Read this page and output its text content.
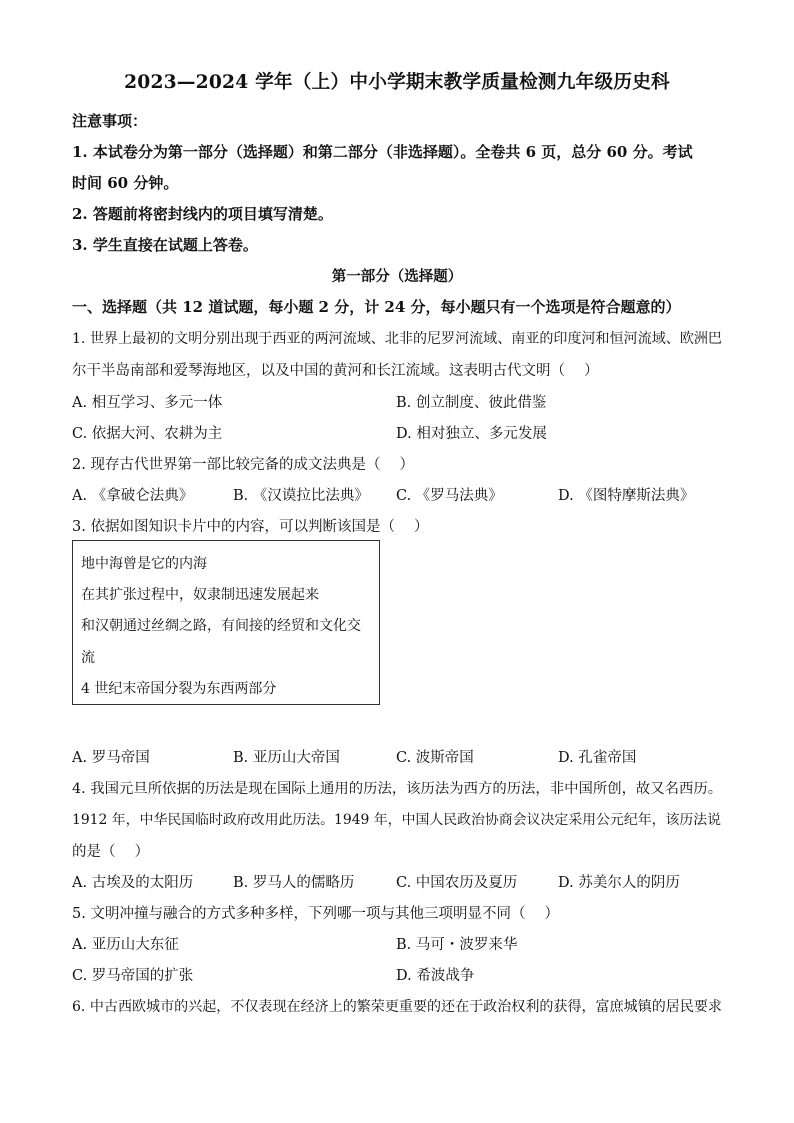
2023—2024 学年（上）中小学期末教学质量检测九年级历史科
注意事项：
1. 本试卷分为第一部分（选择题）和第二部分（非选择题）。全卷共 6 页，总分 60 分。考试
时间 60 分钟。
2. 答题前将密封线内的项目填写清楚。
3. 学生直接在试题上答卷。
第一部分（选择题）
一、选择题（共 12 道试题，每小题 2 分，计 24 分，每小题只有一个选项是符合题意的）
1. 世界上最初的文明分别出现于西亚的两河流域、北非的尼罗河流域、南亚的印度河和恒河流域、欧洲巴
尔干半岛南部和爱琴海地区，以及中国的黄河和长江流域。这表明古代文明（　 ）
A. 相互学习、多元一体	B. 创立制度、彼此借鉴
C. 依据大河、农耕为主	D. 相对独立、多元发展
2. 现存古代世界第一部比较完备的成文法典是（　 ）
A. 《拿破仑法典》	B. 《汉谟拉比法典》 C. 《罗马法典》	D. 《图特摩斯法典》
3. 依据如图知识卡片中的内容，可以判断该国是（　 ）
地中海曾是它的内海
在其扩张过程中，奴隶制迅速发展起来
和汉朝通过丝绸之路，有间接的经贸和文化交
流
4 世纪末帝国分裂为东西两部分
A. 罗马帝国	B. 亚历山大帝国	C. 波斯帝国	D. 孔雀帝国
4. 我国元旦所依据的历法是现在国际上通用的历法，该历法为西方的历法，非中国所创，故又名西历。
1912 年，中华民国临时政府改用此历法。1949 年，中国人民政治协商会议决定采用公元纪年，该历法说
的是（　 ）
A. 古埃及的太阳历	B. 罗马人的儒略历	C. 中国农历及夏历	D. 苏美尔人的阴历
5. 文明冲撞与融合的方式多种多样，下列哪一项与其他三项明显不同（　 ）
A. 亚历山大东征	B. 马可・波罗来华
C. 罗马帝国的扩张	D. 希波战争
6. 中古西欧城市的兴起，不仅表现在经济上的繁荣更重要的还在于政治权利的获得，富庶城镇的居民要求
